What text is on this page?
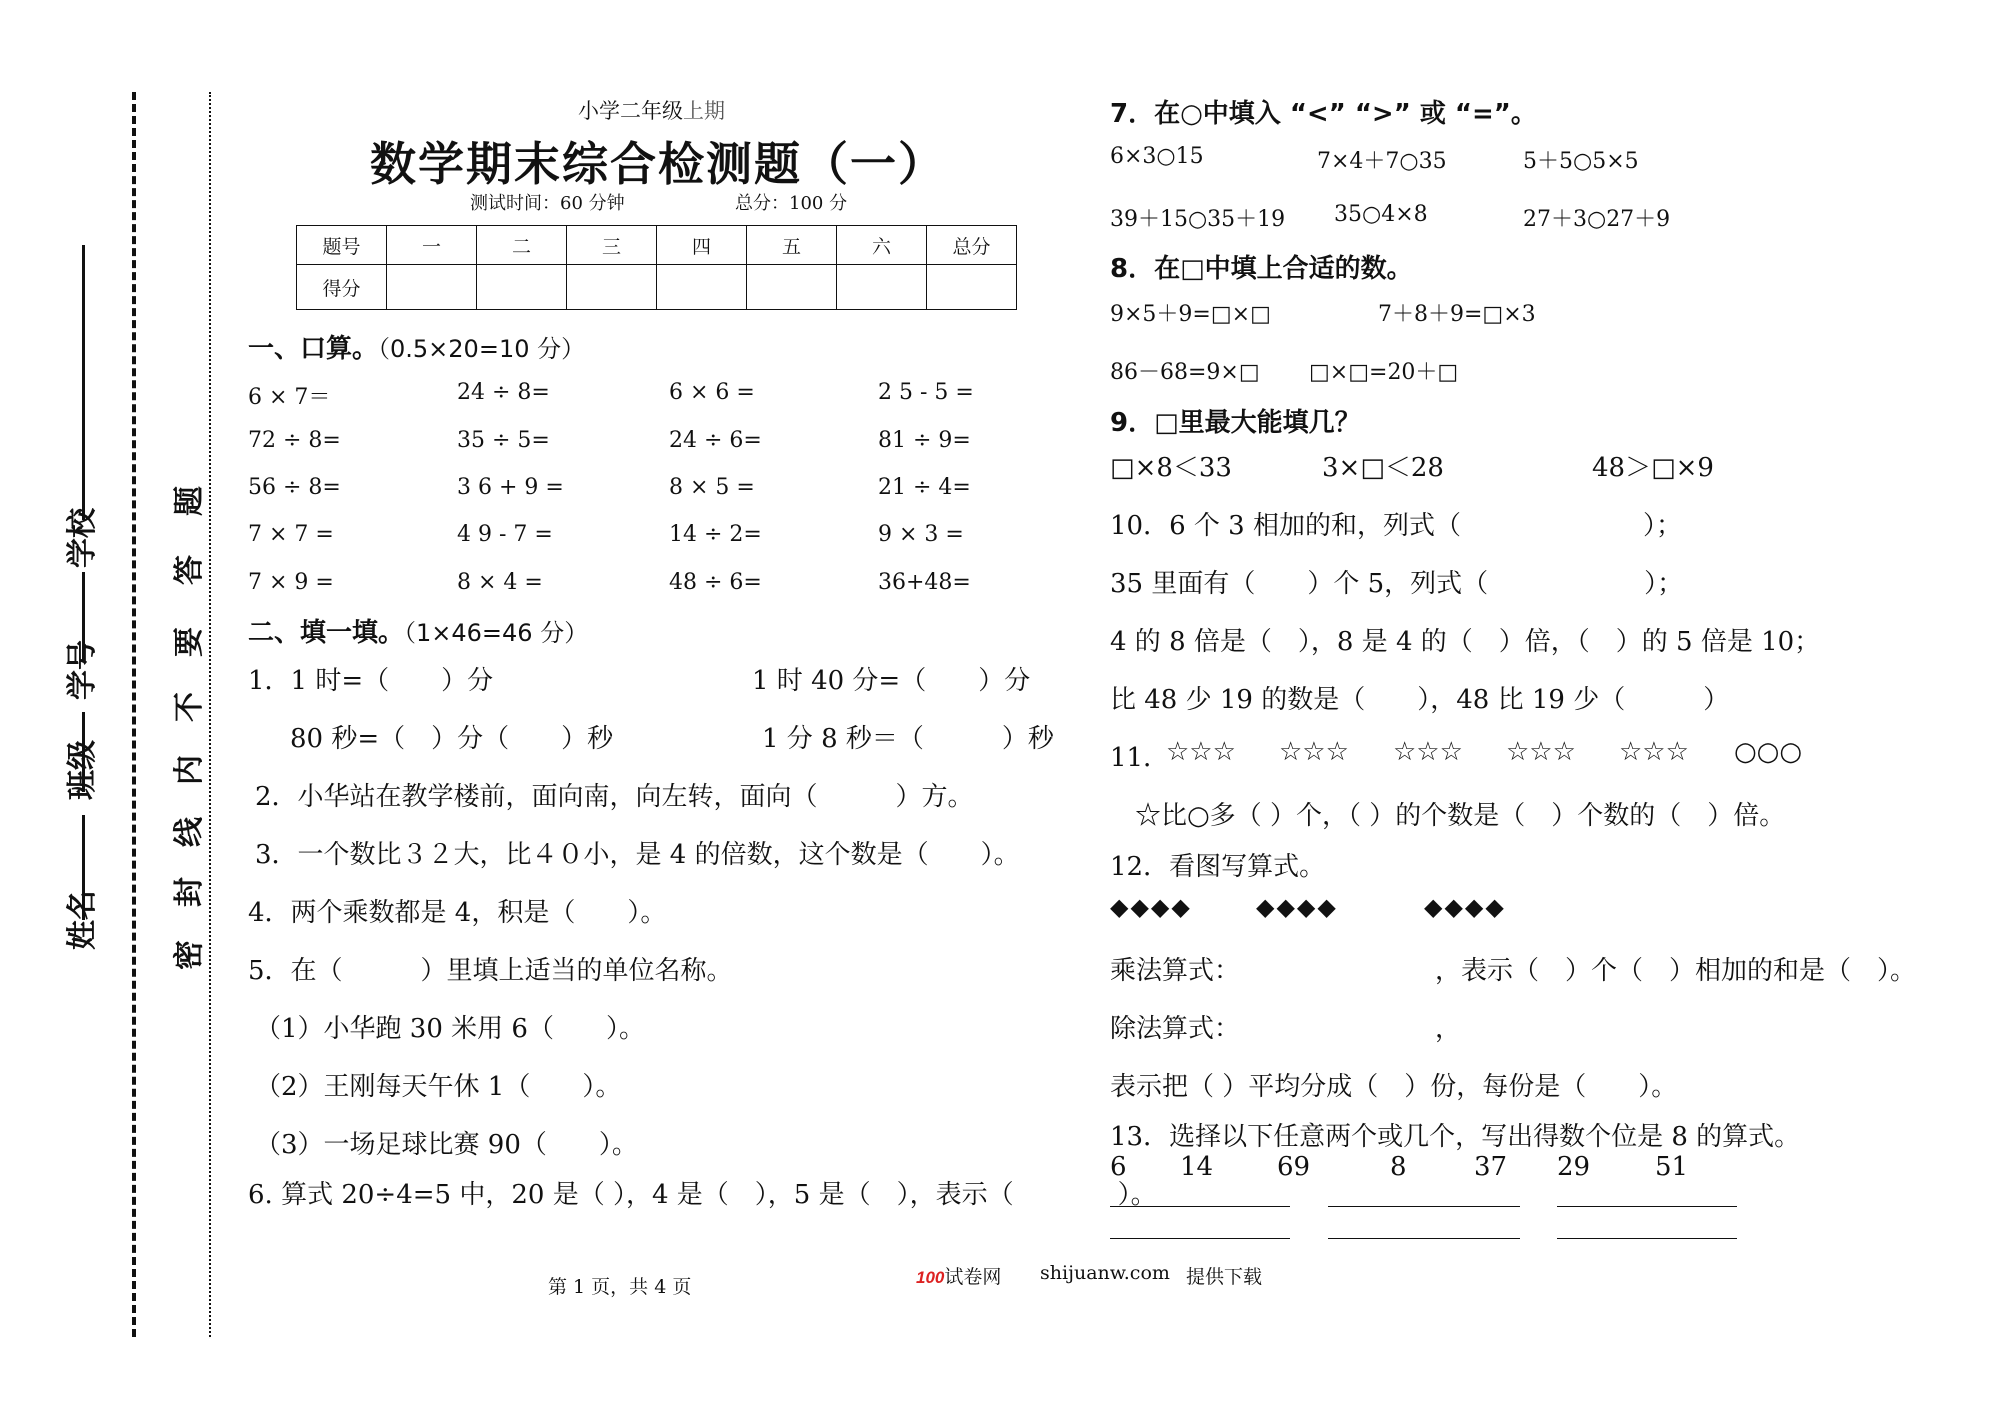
姓名
班级
学号
学校
密
封
线
内
不
要
答
题
小学二年级上期
数学期末综合检测题（一）
测试时间：60 分钟	总分：100 分
题号	一	二	三	四	五	六	总分
得分							
一、口算。（0.5×20=10 分）
6 × 7＝	24 ÷ 8=	6 × 6 =	2 5 - 5 =
72 ÷ 8=	35 ÷ 5=	24 ÷ 6=	81 ÷ 9=
56 ÷ 8=	3 6 + 9 =	8 × 5 =	21 ÷ 4=
7 × 7 =	4 9 - 7 =	14 ÷ 2=	9 × 3 =
7 × 9 =	8 × 4 =	48 ÷ 6=	36+48=
二、填一填。（1×46=46 分）
1．1 时=（　　）分	1 时 40 分=（　　）分
80 秒=（　）分（　　）秒	1 分 8 秒＝（　　　）秒
2．小华站在教学楼前，面向南，向左转，面向（　　　）方。
3．一个数比３２大，比４０小，是 4 的倍数，这个数是（　　）。
4．两个乘数都是 4，积是（　　）。
5．在（　　　）里填上适当的单位名称。
（1）小华跑 30 米用 6（　　）。
（2）王刚每天午休 1（　　）。
（3）一场足球比赛 90（　　）。
6. 算式 20÷4=5 中，20 是（ ），4 是（　），5 是（　），表示（　　　　）。
7．在○中填入 “<” “>” 或 “=”。
6×3○15	7×4＋7○35	5＋5○5×5
39＋15○35＋19 35○4×8	27＋3○27＋9
8．在□中填上合适的数。
9×5＋9=□×□	7＋8＋9=□×3
86－68=9×□ □×□=20＋□
9．□里最大能填几？
□×8＜33	3×□＜28	48＞□×9
10．6 个 3 相加的和，列式（　　　　　　　）；
35 里面有（　　）个 5，列式（　　　　　　）；
4 的 8 倍是（　），8 是 4 的（　）倍，（　）的 5 倍是 10；
比 48 少 19 的数是（　　），48 比 19 少（　　　）
11．
☆☆☆ ☆☆☆ ☆☆☆ ☆☆☆ ☆☆☆ ○○○
☆比○多（ ）个，（ ）的个数是（　）个数的（　）倍。
12．看图写算式。
◆◆◆◆	◆◆◆◆	◆◆◆◆
乘法算式：　　　　　　　　，表示（　）个（　）相加的和是（　）。
除法算式：　　　　　　　　，
表示把（ ）平均分成（　）份，每份是（　　）。
13．选择以下任意两个或几个，写出得数个位是 8 的算式。
6 14 69	8	37 29 51
第 1 页，共 4 页	100试卷网 shijuanw.com 提供下载
